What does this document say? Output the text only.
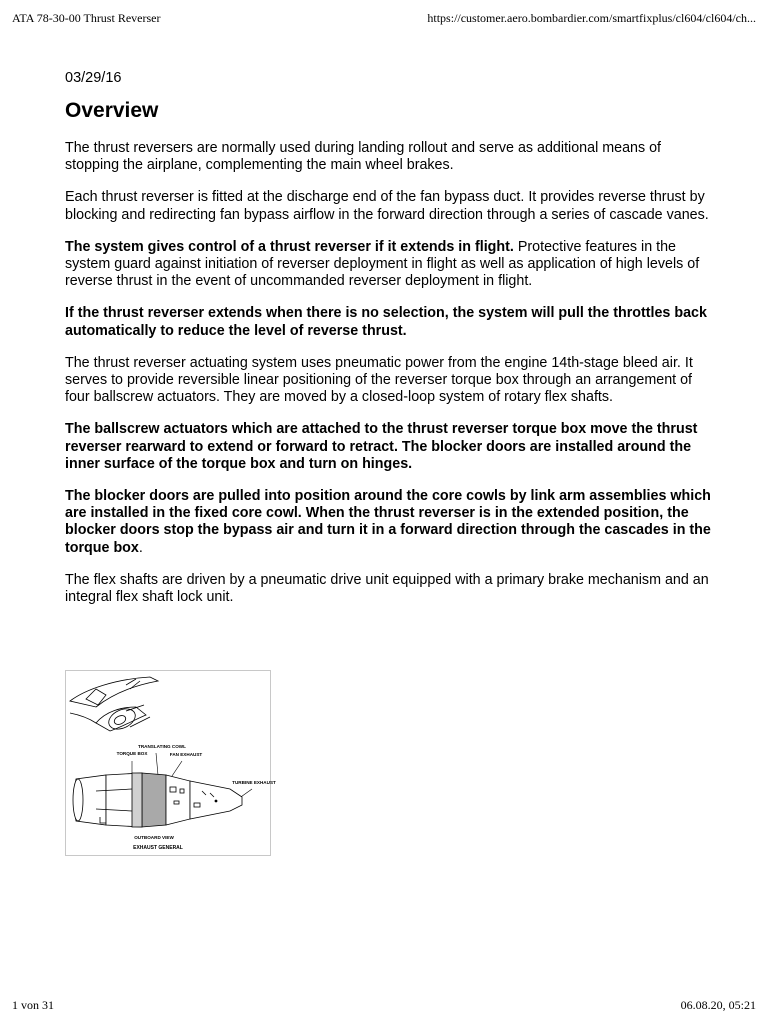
ATA 78-30-00 Thrust Reverser	https://customer.aero.bombardier.com/smartfixplus/cl604/cl604/ch...
03/29/16
Overview

The thrust reversers are normally used during landing rollout and serve as additional means of stopping the airplane, complementing the main wheel brakes.

Each thrust reverser is fitted at the discharge end of the fan bypass duct. It provides reverse thrust by blocking and redirecting fan bypass airflow in the forward direction through a series of cascade vanes.

The system gives control of a thrust reverser if it extends in flight. Protective features in the system guard against initiation of reverser deployment in flight as well as application of high levels of reverse thrust in the event of uncommanded reverser deployment in flight.

If the thrust reverser extends when there is no selection, the system will pull the throttles back automatically to reduce the level of reverse thrust.

The thrust reverser actuating system uses pneumatic power from the engine 14th-stage bleed air. It serves to provide reversible linear positioning of the reverser torque box through an arrangement of four ballscrew actuators. They are moved by a closed-loop system of rotary flex shafts.

The ballscrew actuators which are attached to the thrust reverser torque box move the thrust reverser rearward to extend or forward to retract. The blocker doors are installed around the inner surface of the torque box and turn on hinges.

The blocker doors are pulled into position around the core cowls by link arm assemblies which are installed in the fixed core cowl. When the thrust reverser is in the extended position, the blocker doors stop the bypass air and turn it in a forward direction through the cascades in the torque box.

The flex shafts are driven by a pneumatic drive unit equipped with a primary brake mechanism and an integral flex shaft lock unit.

TORQUE BOX
TRANSLATING COWL
FAN EXHAUST
TURBINE EXHAUST
OUTBOARD VIEW
EXHAUST GENERAL
1 von 31	06.08.20, 05:21
